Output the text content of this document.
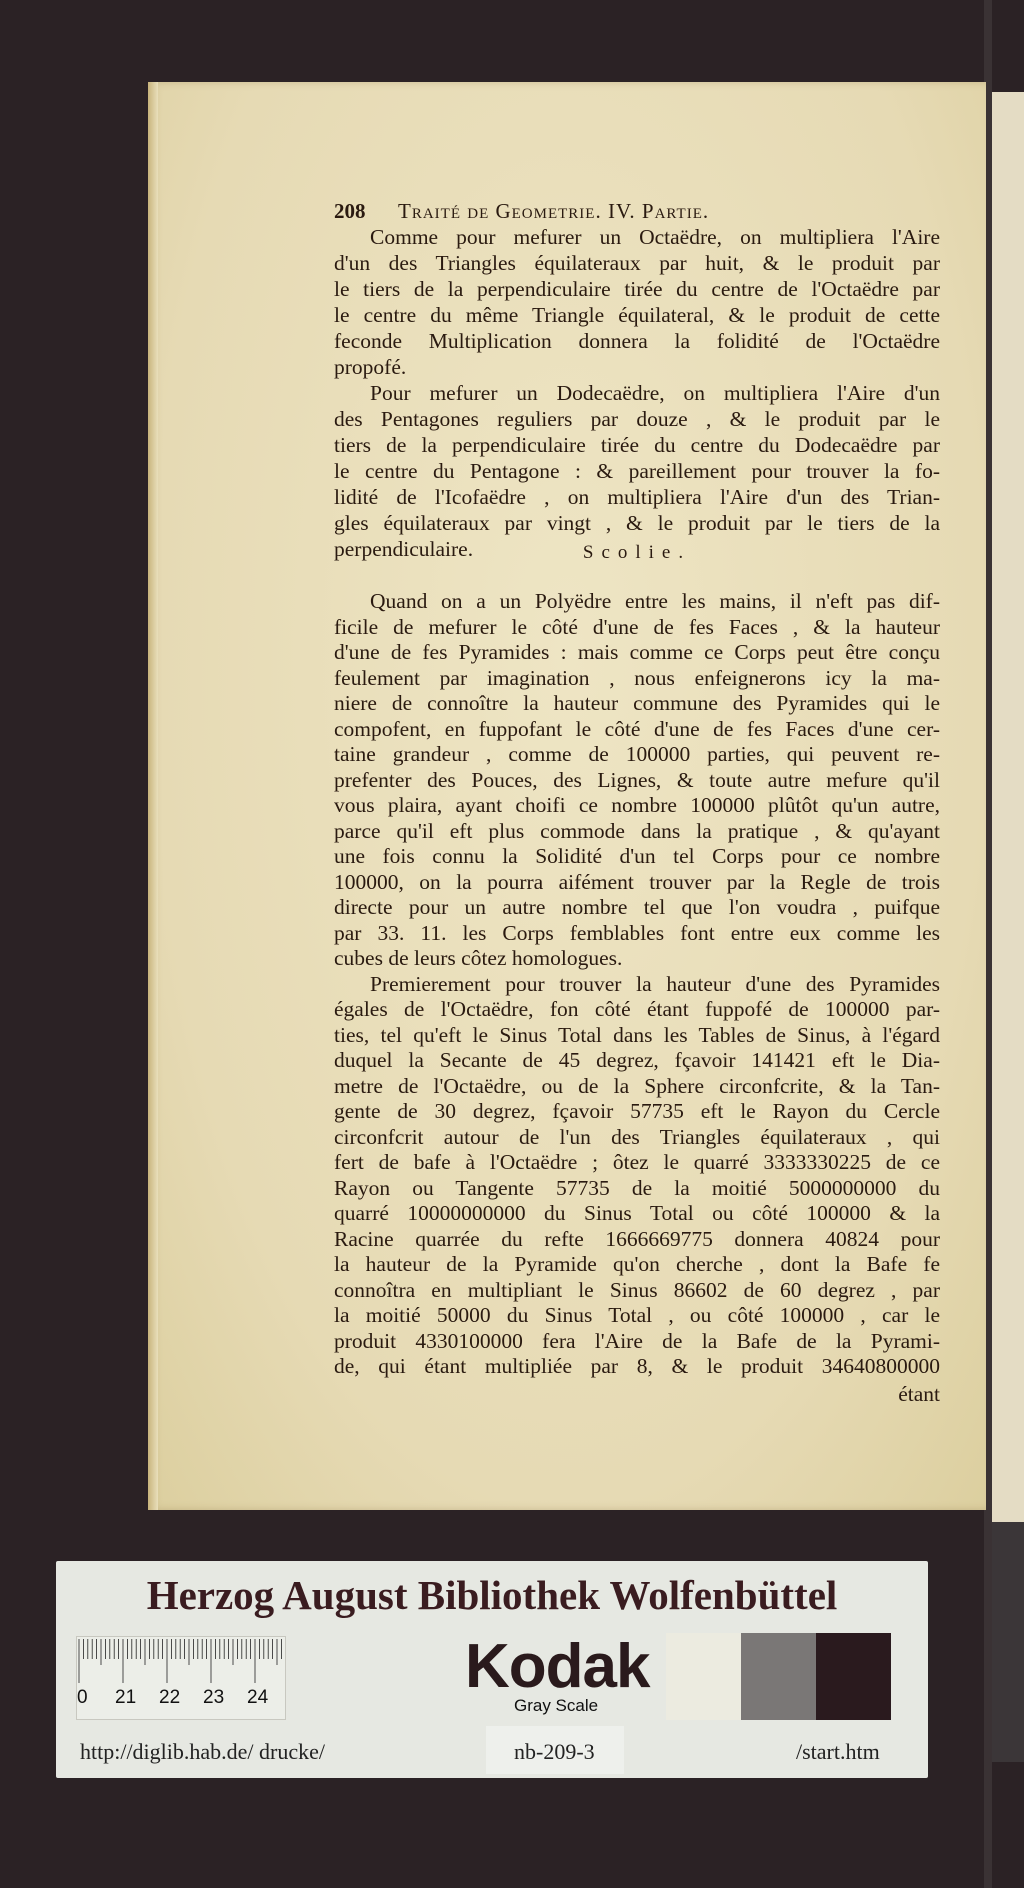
208 Traité de Geometrie. IV. Partie.
Comme pour mefurer un Octaëdre, on multipliera l'Aire
d'un des Triangles équilateraux par huit, & le produit par
le tiers de la perpendiculaire tirée du centre de l'Octaëdre par
le centre du même Triangle équilateral, & le produit de cette
feconde Multiplication donnera la folidité de l'Octaëdre
propofé.
Pour mefurer un Dodecaëdre, on multipliera l'Aire d'un
des Pentagones reguliers par douze , & le produit par le
tiers de la perpendiculaire tirée du centre du Dodecaëdre par
le centre du Pentagone : & pareillement pour trouver la fo-
lidité de l'Icofaëdre , on multipliera l'Aire d'un des Trian-
gles équilateraux par vingt , & le produit par le tiers de la
perpendiculaire.	Scolie.
Quand on a un Polyëdre entre les mains, il n'eft pas dif-
ficile de mefurer le côté d'une de fes Faces , & la hauteur
d'une de fes Pyramides : mais comme ce Corps peut être conçu
feulement par imagination , nous enfeignerons icy la ma-
niere de connoître la hauteur commune des Pyramides qui le
compofent, en fuppofant le côté d'une de fes Faces d'une cer-
taine grandeur , comme de 100000 parties, qui peuvent re-
prefenter des Pouces, des Lignes, & toute autre mefure qu'il
vous plaira, ayant choifi ce nombre 100000 plûtôt qu'un autre,
parce qu'il eft plus commode dans la pratique , & qu'ayant
une fois connu la Solidité d'un tel Corps pour ce nombre
100000, on la pourra aifément trouver par la Regle de trois
directe pour un autre nombre tel que l'on voudra , puifque
par 33. 11. les Corps femblables font entre eux comme les
cubes de leurs côtez homologues.
Premierement pour trouver la hauteur d'une des Pyramides
égales de l'Octaëdre, fon côté étant fuppofé de 100000 par-
ties, tel qu'eft le Sinus Total dans les Tables de Sinus, à l'égard
duquel la Secante de 45 degrez, fçavoir 141421 eft le Dia-
metre de l'Octaëdre, ou de la Sphere circonfcrite, & la Tan-
gente de 30 degrez, fçavoir 57735 eft le Rayon du Cercle
circonfcrit autour de l'un des Triangles équilateraux , qui
fert de bafe à l'Octaëdre ; ôtez le quarré 3333330225 de ce
Rayon ou Tangente 57735 de la moitié 5000000000 du
quarré 10000000000 du Sinus Total ou côté 100000 & la
Racine quarrée du refte 1666669775 donnera 40824 pour
la hauteur de la Pyramide qu'on cherche , dont la Bafe fe
connoîtra en multipliant le Sinus 86602 de 60 degrez , par
la moitié 50000 du Sinus Total , ou côté 100000 , car le
produit 4330100000 fera l'Aire de la Bafe de la Pyrami-
de, qui étant multipliée par 8, & le produit 34640800000
étant
Herzog August Bibliothek Wolfenbüttel
0 21 22 23 24	Kodak
Gray Scale
http://diglib.hab.de/ drucke/	nb-209-3	/start.htm
